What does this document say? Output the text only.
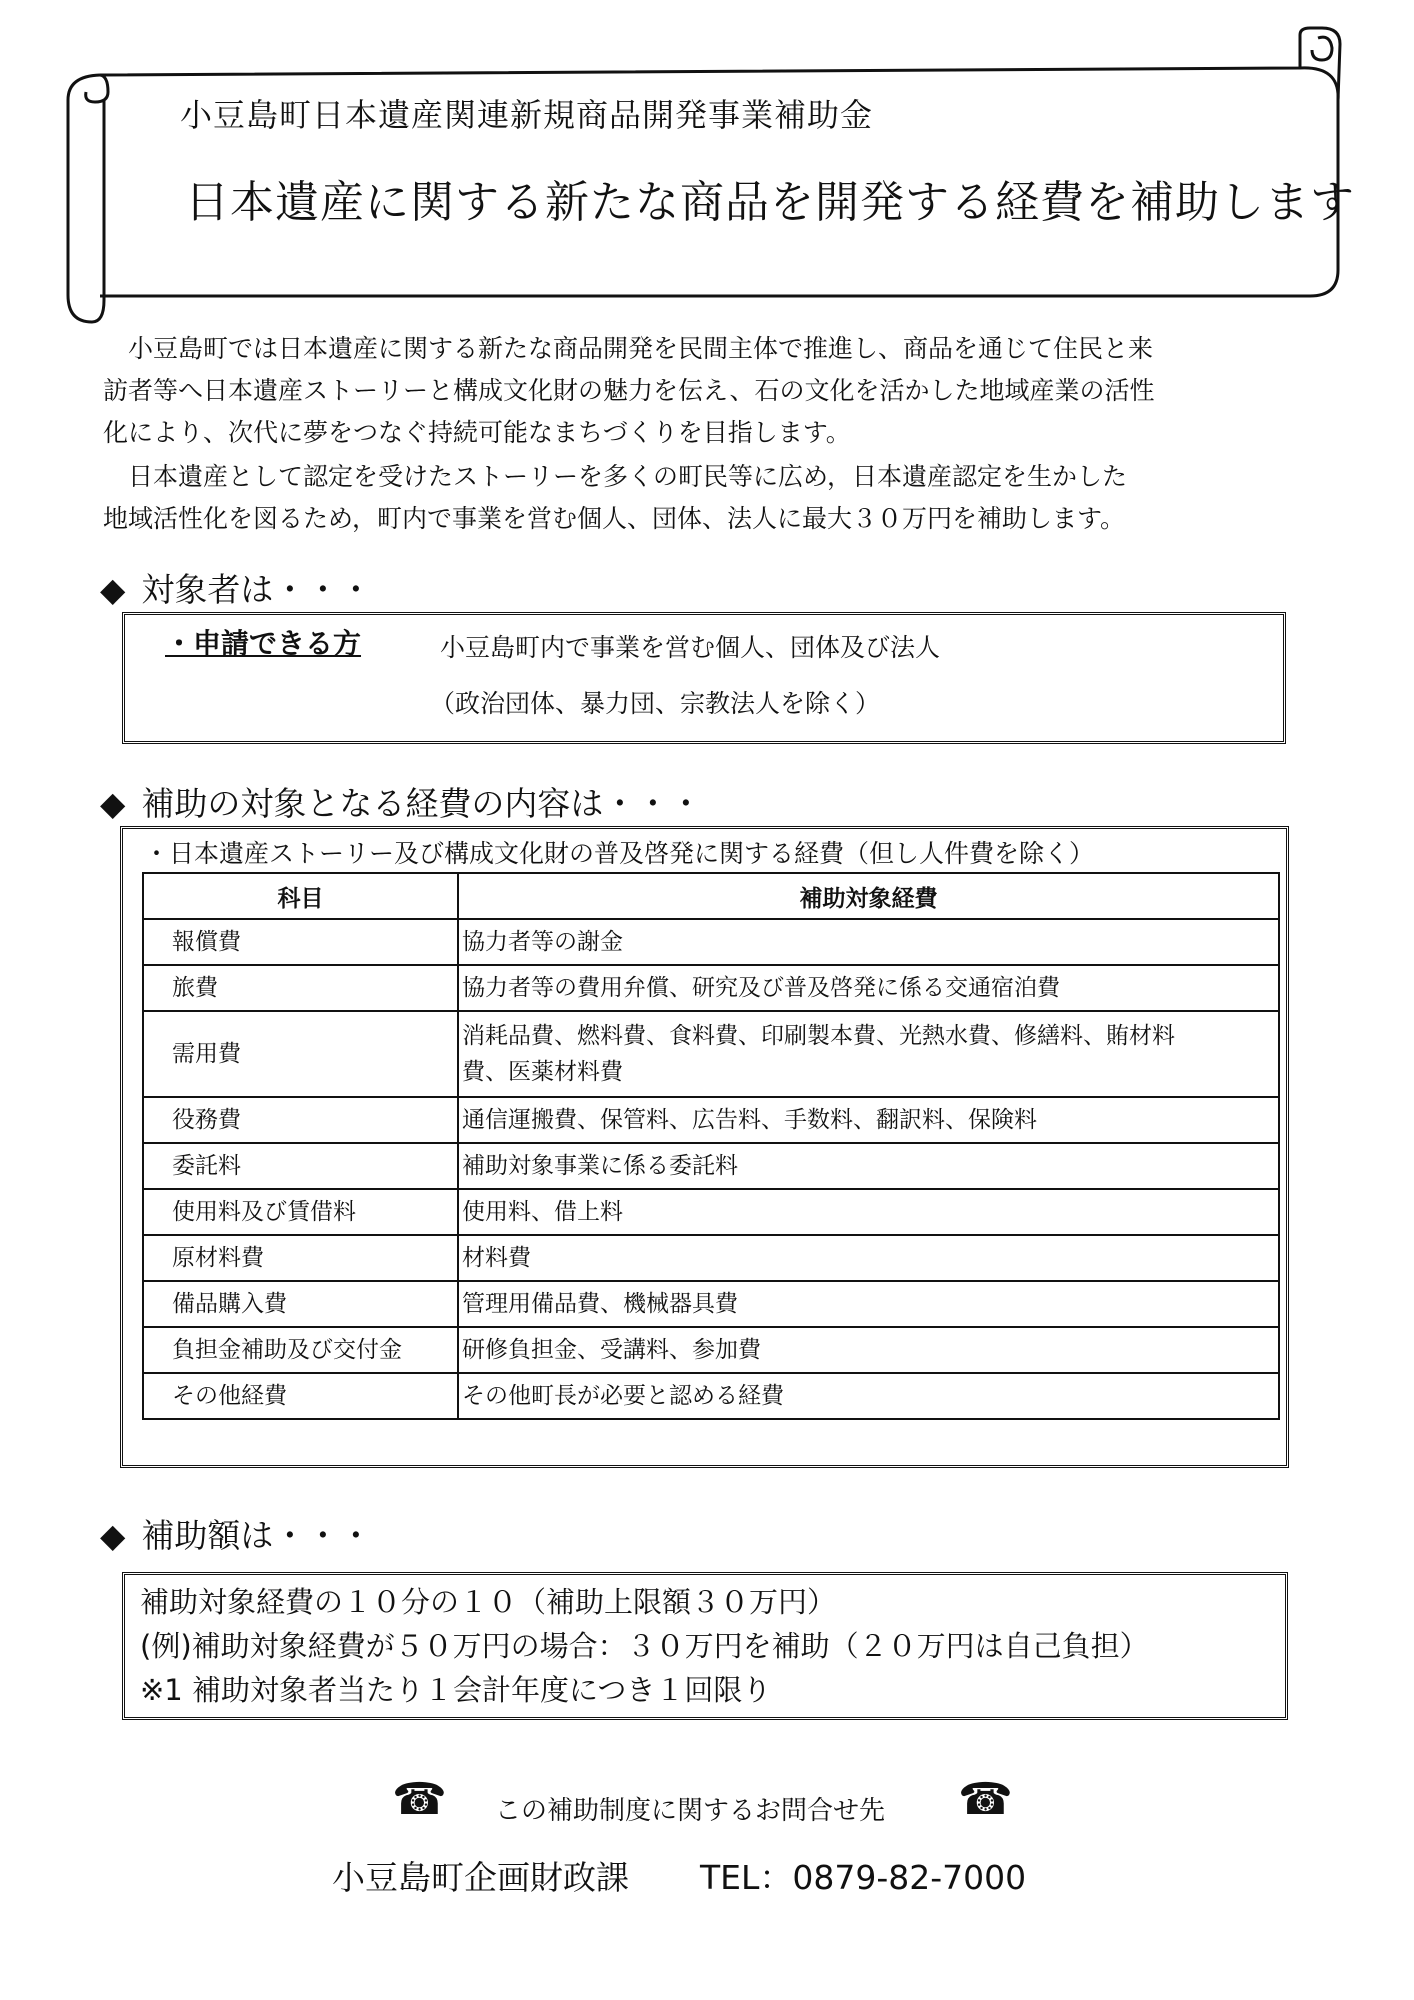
小豆島町日本遺産関連新規商品開発事業補助金
日本遺産に関する新たな商品を開発する経費を補助します
　小豆島町では日本遺産に関する新たな商品開発を民間主体で推進し、商品を通じて住民と来
訪者等へ日本遺産ストーリーと構成文化財の魅力を伝え、石の文化を活かした地域産業の活性
化により、次代に夢をつなぐ持続可能なまちづくりを目指します。
　日本遺産として認定を受けたストーリーを多くの町民等に広め，日本遺産認定を生かした
地域活性化を図るため，町内で事業を営む個人、団体、法人に最大３０万円を補助します。
◆ 対象者は・・・
・申請できる方	小豆島町内で事業を営む個人、団体及び法人
（政治団体、暴力団、宗教法人を除く）
◆ 補助の対象となる経費の内容は・・・
・日本遺産ストーリー及び構成文化財の普及啓発に関する経費（但し人件費を除く）
科目	補助対象経費
報償費	協力者等の謝金
旅費	協力者等の費用弁償、研究及び普及啓発に係る交通宿泊費
需用費	消耗品費、燃料費、食料費、印刷製本費、光熱水費、修繕料、賄材料
費、医薬材料費

役務費	通信運搬費、保管料、広告料、手数料、翻訳料、保険料
委託料	補助対象事業に係る委託料
使用料及び賃借料	使用料、借上料
原材料費	材料費
備品購入費	管理用備品費、機械器具費
負担金補助及び交付金	研修負担金、受講料、参加費
その他経費	その他町長が必要と認める経費
◆ 補助額は・・・
補助対象経費の１０分の１０（補助上限額３０万円）
(例)補助対象経費が５０万円の場合：３０万円を補助（２０万円は自己負担）
※1 補助対象者当たり１会計年度につき１回限り
☎ この補助制度に関するお問合せ先 ☎
小豆島町企画財政課 TEL：0879-82-7000
